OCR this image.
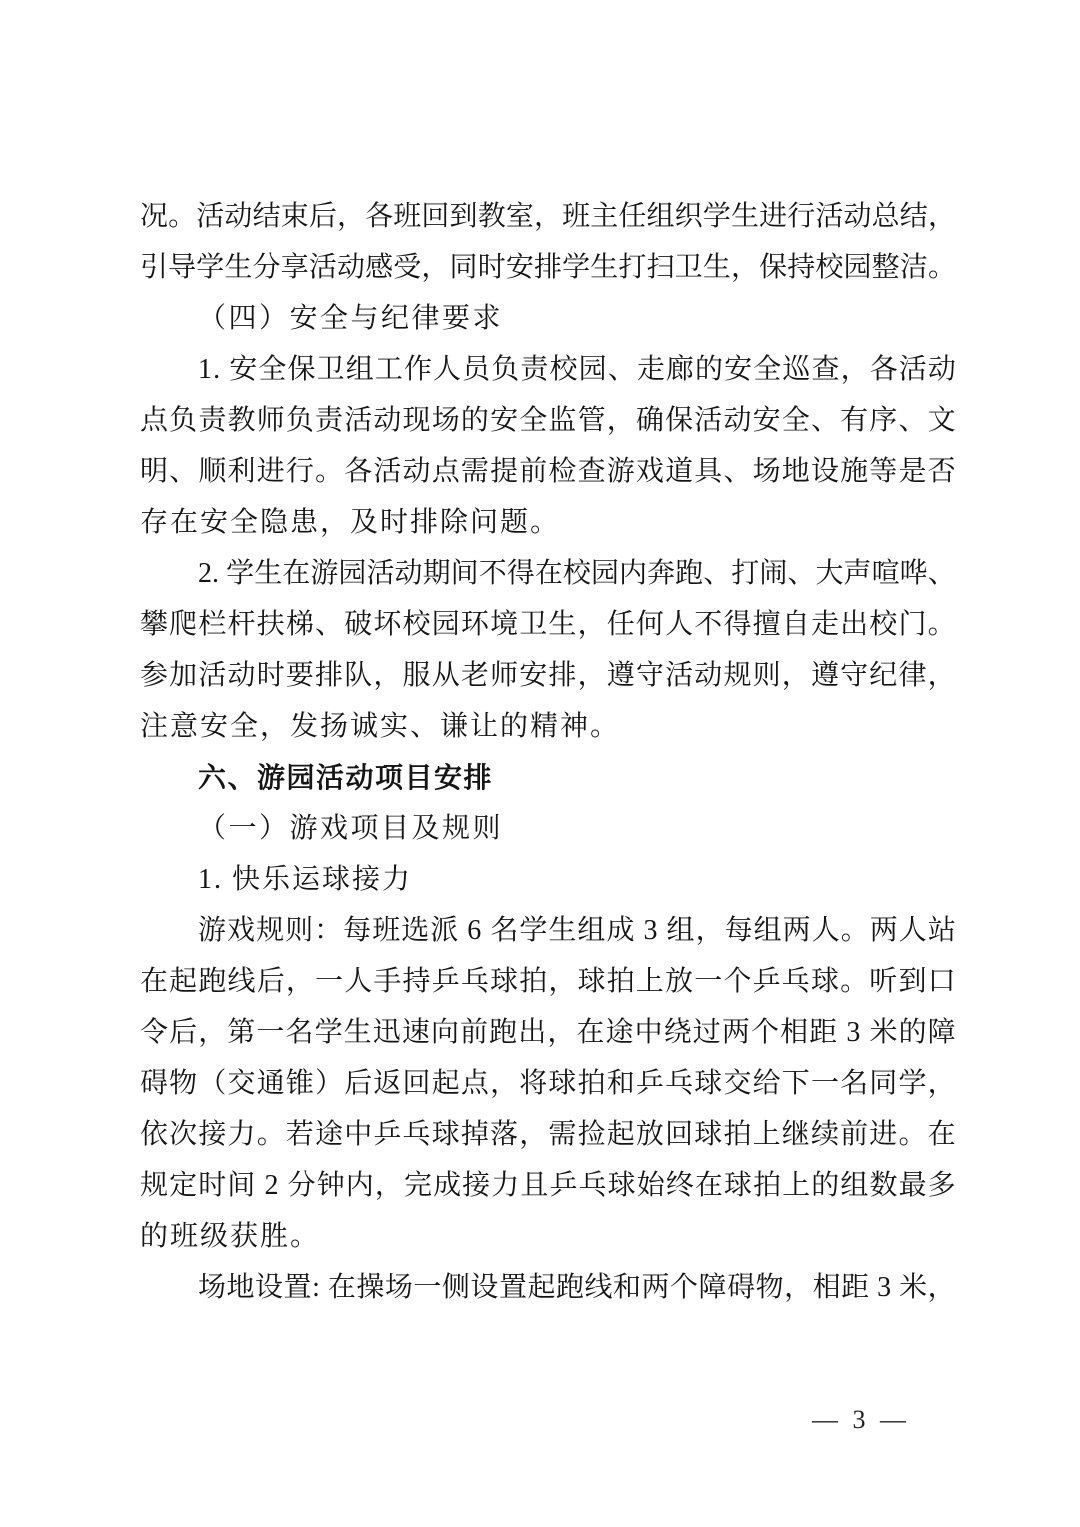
况 。 活 动 结 束 后 ， 各 班 回 到 教 室 ， 班 主 任 组 织 学 生 进 行 活 动 总 结 ，
引 导 学 生 分 享 活 动 感 受 ， 同 时 安 排 学 生 打 扫 卫 生 ， 保 持 校 园 整 洁 。
（四）安全与纪律要求
1 .
安 全 保 卫 组 工 作 人 员 负 责 校 园 、 走 廊 的 安 全 巡 查 ， 各 活 动
点 负 责 教 师 负 责 活 动 现 场 的 安 全 监 管 ， 确 保 活 动 安 全 、 有 序 、 文
明 、 顺 利 进 行 。 各 活 动 点 需 提 前 检 查 游 戏 道 具 、 场 地 设 施 等 是 否
存在安全隐患，及时排除问题。
2 .
学 生 在 游 园 活 动 期 间 不 得 在 校 园 内 奔 跑 、 打 闹 、 大 声 喧 哗 、
攀 爬 栏 杆 扶 梯 、 破 坏 校 园 环 境 卫 生 ， 任 何 人 不 得 擅 自 走 出 校 门 。
参 加 活 动 时 要 排 队 ， 服 从 老 师 安 排 ， 遵 守 活 动 规 则 ， 遵 守 纪 律 ，
注意安全，发扬诚实、谦让的精神。
六、游园活动项目安排
（一）游戏项目及规则
1. 快乐运球接力
游 戏 规 则 ： 每 班 选 派
6
名 学 生 组 成
3
组 ， 每 组 两 人 。 两 人 站
在 起 跑 线 后 ， 一 人 手 持 乒 乓 球 拍 ， 球 拍 上 放 一 个 乒 乓 球 。 听 到 口
令 后 ， 第 一 名 学 生 迅 速 向 前 跑 出 ， 在 途 中 绕 过 两 个 相 距
3
米 的 障
碍 物 （ 交 通 锥 ） 后 返 回 起 点 ， 将 球 拍 和 乒 乓 球 交 给 下 一 名 同 学 ，
依 次 接 力 。 若 途 中 乒 乓 球 掉 落 ， 需 捡 起 放 回 球 拍 上 继 续 前 进 。 在
规 定 时 间
2
分 钟 内 ， 完 成 接 力 且 乒 乓 球 始 终 在 球 拍 上 的 组 数 最 多
的班级获胜。
场 地 设 置 :
在 操 场 一 侧 设 置 起 跑 线 和 两 个 障 碍 物 ， 相 距
3
米 ，
— 3 —
